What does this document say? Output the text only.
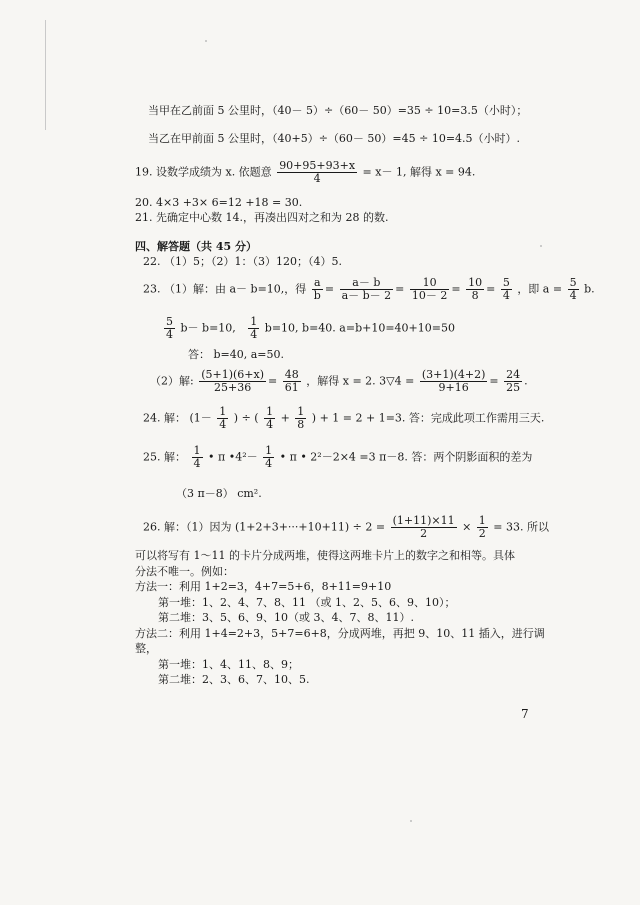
当甲在乙前面 5 公里时，（40－ 5）÷（60－ 50）=35 ÷ 10=3.5（小时）；
当乙在甲前面 5 公里时，（40+5）÷（60－ 50）=45 ÷ 10=4.5（小时）.
19. 设数学成绩为 x. 依题意 $\frac{90+95+93+x}{4} = x- 1$, 解得 x = 94.
20. 4×3 +3× 6=12 +18 = 30.
21. 先确定中心数 14.，再凑出四对之和为 28 的数.
四、解答题（共 45 分）
22. （1）5；（2）1：（3）120；（4）5.
23. （1）解：由 a－ b=10,，得 $\frac{a}{b} = \frac{a- b}{a- b- 2} = \frac{10}{10- 2} = \frac{10}{8} = \frac{5}{4}$ ，即 $a = \frac{5}{4} b$.
$\frac{5}{4} b- b=10$, $\frac{1}{4} b=10$, b=40. a=b+10=40+10=50
答： b=40, a=50.
（2）解: $\frac{(5+1)(6+x)}{25+36} = \frac{48}{61}$ ，解得 x = 2. 3▽4 = $\frac{(3+1)(4+2)}{9+16} = \frac{24}{25}$ .
24. 解： ($1- \frac{1}{4}$ ) ÷ ( $\frac{1}{4} + \frac{1}{8}$ ) + 1 = 2 + 1=3. 答：完成此项工作需用三天.
25. 解： $\frac{1}{4}$ • π •4²－ $\frac{1}{4}$ • π • 2²－2×4 =3 π－8. 答：两个阴影面积的差为
（3 π－8） cm².
26. 解：（1）因为 $(1+2+3+\cdot\cdot\cdot+10+11) \div 2 = \frac{(1+11)\times 11}{2} \times \frac{1}{2} = 33$. 所以
可以将写有 1～11 的卡片分成两堆，使得这两堆卡片上的数字之和相等。具体
分法不唯一。例如：
方法一：利用 1+2=3，4+7=5+6，8+11=9+10
第一堆：1、2、4、7、8、11 （或 1、2、5、6、9、10）；
第二堆：3、5、6、9、10（或 3、4、7、8、11）.
方法二：利用 1+4=2+3，5+7=6+8，分成两堆，再把 9、10、11 插入，进行调
整，
第一堆：1、4、11、8、9；
第二堆：2、3、6、7、10、5.
7
